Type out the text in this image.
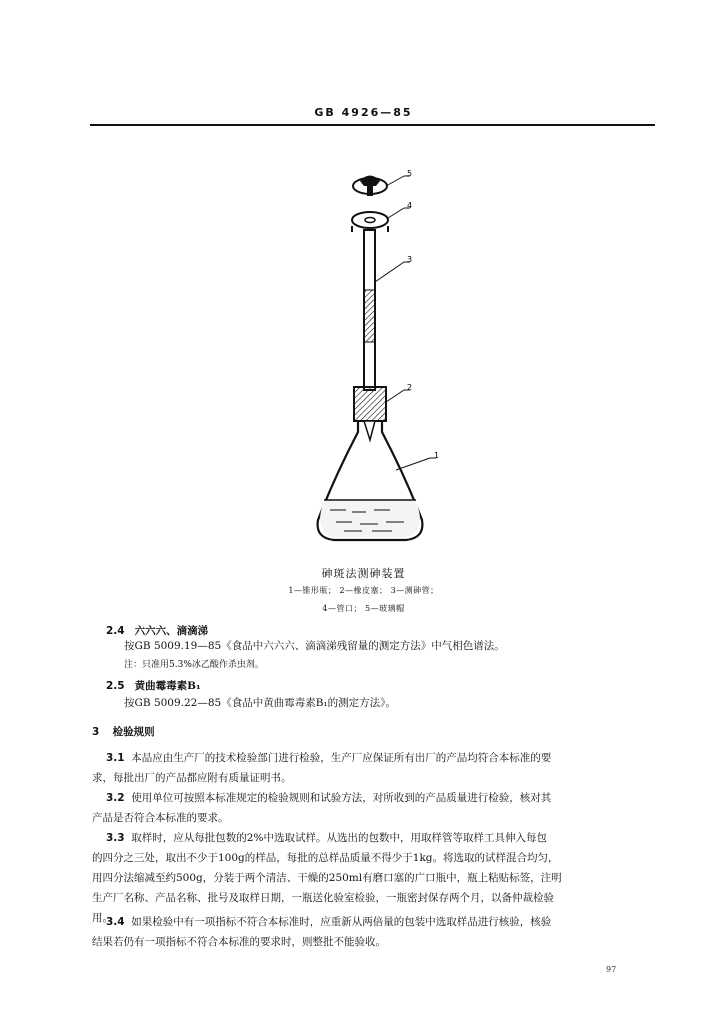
GB 4926—85
5
4
3
2
1
砷斑法测砷装置
1—锥形瓶； 2—橡皮塞； 3—测砷管；
4—管口； 5—玻璃帽
2.4 六六六、滴滴涕
按GB 5009.19—85《食品中六六六、滴滴涕残留量的测定方法》中气相色谱法。
注：只准用5.3%冰乙酸作杀虫剂。
2.5 黄曲霉毒素B₁
按GB 5009.22—85《食品中黄曲霉毒素B₁的测定方法》。
3 检验规则
3.1 本品应由生产厂的技术检验部门进行检验，生产厂应保证所有出厂的产品均符合本标准的要
求，每批出厂的产品都应附有质量证明书。
3.2 使用单位可按照本标准规定的检验规则和试验方法，对所收到的产品质量进行检验，核对其
产品是否符合本标准的要求。
3.3 取样时，应从每批包数的2%中选取试样。从选出的包数中，用取样管等取样工具伸入每包
的四分之三处，取出不少于100g的样品，每批的总样品质量不得少于1kg。将选取的试样混合均匀，
用四分法缩减至约500g，分装于两个清洁、干燥的250ml有磨口塞的广口瓶中，瓶上粘贴标签，注明
生产厂名称、产品名称、批号及取样日期，一瓶送化验室检验，一瓶密封保存两个月，以备仲裁检验
用。
3.4 如果检验中有一项指标不符合本标准时，应重新从两倍量的包装中选取样品进行核验，核验
结果若仍有一项指标不符合本标准的要求时，则整批不能验收。
97
